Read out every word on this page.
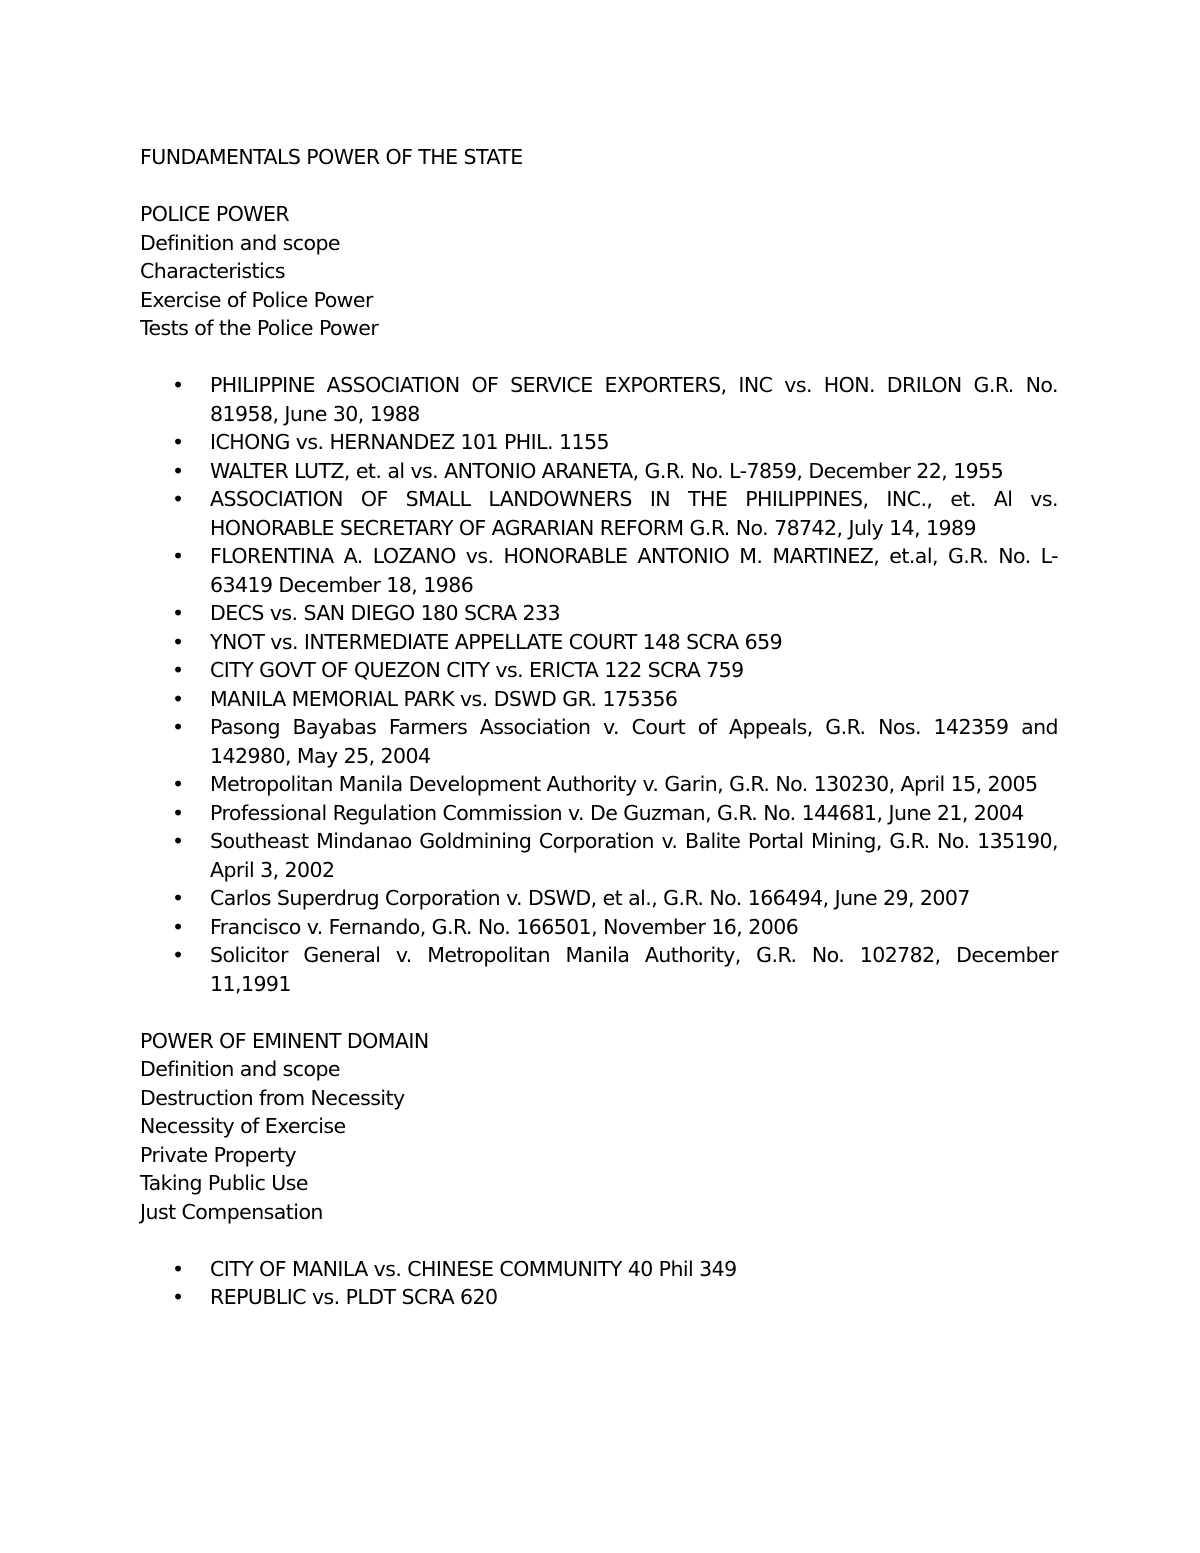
FUNDAMENTALS POWER OF THE STATE
POLICE POWER
Definition and scope
Characteristics
Exercise of Police Power
Tests of the Police Power
•	PHILIPPINE ASSOCIATION OF SERVICE EXPORTERS, INC vs. HON. DRILON G.R. No. 81958, June 30, 1988
•	ICHONG vs. HERNANDEZ 101 PHIL. 1155
•	WALTER LUTZ, et. al vs. ANTONIO ARANETA, G.R. No. L-7859, December 22, 1955
•	ASSOCIATION OF SMALL LANDOWNERS IN THE PHILIPPINES, INC., et. Al vs. HONORABLE SECRETARY OF AGRARIAN REFORM G.R. No. 78742, July 14, 1989
•	FLORENTINA A. LOZANO vs. HONORABLE ANTONIO M. MARTINEZ, et.al, G.R. No. L-63419 December 18, 1986
•	DECS vs. SAN DIEGO 180 SCRA 233
•	YNOT vs. INTERMEDIATE APPELLATE COURT 148 SCRA 659
•	CITY GOVT OF QUEZON CITY vs. ERICTA 122 SCRA 759
•	MANILA MEMORIAL PARK vs. DSWD GR. 175356
•	Pasong Bayabas Farmers Association v. Court of Appeals, G.R. Nos. 142359 and 142980, May 25, 2004
•	Metropolitan Manila Development Authority v. Garin, G.R. No. 130230, April 15, 2005
•	Professional Regulation Commission v. De Guzman, G.R. No. 144681, June 21, 2004
•	Southeast Mindanao Goldmining Corporation v. Balite Portal Mining, G.R. No. 135190, April 3, 2002
•	Carlos Superdrug Corporation v. DSWD, et al., G.R. No. 166494, June 29, 2007
•	Francisco v. Fernando, G.R. No. 166501, November 16, 2006
•	Solicitor General v. Metropolitan Manila Authority, G.R. No. 102782, December 11,1991
POWER OF EMINENT DOMAIN
Definition and scope
Destruction from Necessity
Necessity of Exercise
Private Property
Taking Public Use
Just Compensation
•	CITY OF MANILA vs. CHINESE COMMUNITY 40 Phil 349
•	REPUBLIC vs. PLDT SCRA 620
